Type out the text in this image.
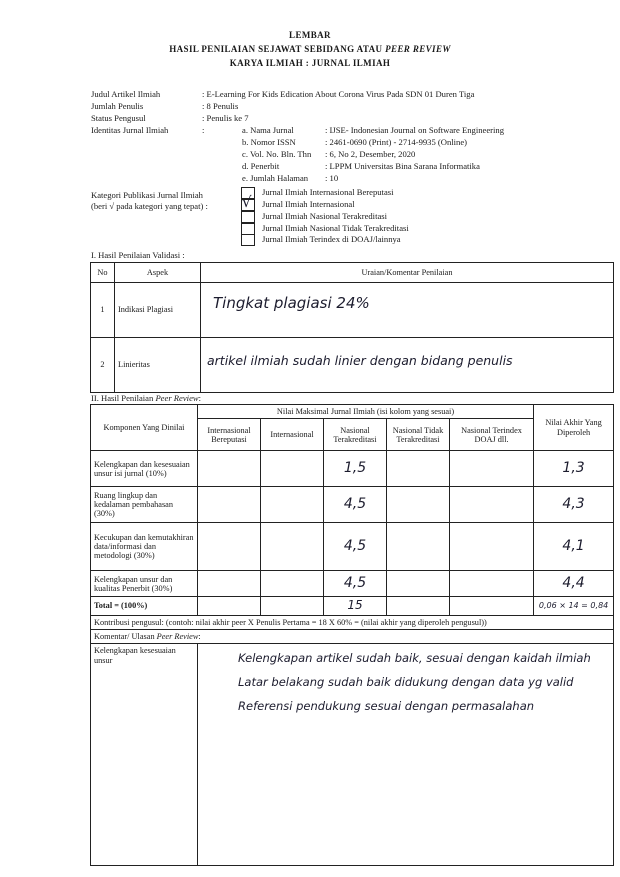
LEMBAR
HASIL PENILAIAN SEJAWAT SEBIDANG ATAU PEER REVIEW
KARYA ILMIAH : JURNAL ILMIAH
Judul Artikel Ilmiah	: E-Learning For Kids Edication About Corona Virus Pada SDN 01 Duren Tiga
Jumlah Penulis	: 8 Penulis
Status Pengusul	: Penulis ke 7
Identitas Jurnal Ilmiah	:	a. Nama Jurnal	: IJSE- Indonesian Journal on Software Engineering
b. Nomor ISSN	: 2461-0690 (Print) - 2714-9935 (Online)
c. Vol. No. Bln. Thn : 6, No 2, Desember, 2020
d. Penerbit	: LPPM Universitas Bina Sarana Informatika
e. Jumlah Halaman : 10
Kategori Publikasi Jurnal Ilmiah
(beri √ pada kategori yang tepat) :
Jurnal Ilmiah Internasional Bereputasi
√ Jurnal Ilmiah Internasional
Jurnal Ilmiah Nasional Terakreditasi
Jurnal Ilmiah Nasional Tidak Terakreditasi
Jurnal Ilmiah Terindex di DOAJ/lainnya
I. Hasil Penilaian Validasi :
No	Aspek	Uraian/Komentar Penilaian
1	Indikasi Plagiasi	Tingkat plagiasi 24%

2	Linieritas	artikel ilmiah sudah linier dengan bidang penulis
II. Hasil Penilaian Peer Review:
Komponen Yang Dinilai	Nilai Maksimal Jurnal Ilmiah (isi kolom yang sesuai)					Nilai Akhir Yang Diperoleh
	Internasional Bereputasi	Internasional	Nasional Terakreditasi	Nasional Tidak Terakreditasi	Nasional Terindex DOAJ dll.	
Kelengkapan dan kesesuaian unsur isi jurnal (10%)			1,5			1,3
Ruang lingkup dan kedalaman pembahasan (30%)			4,5			4,3
Kecukupan dan kemutakhiran data/informasi dan metodologi (30%)			4,5			4,1
Kelengkapan unsur dan kualitas Penerbit (30%)			4,5			4,4
Total = (100%)			15			0,06 × 14 = 0,84
Kontribusi pengusul: (contoh: nilai akhir peer X Penulis Pertama = 18 X 60% = (nilai akhir yang diperoleh pengusul))						
Komentar/ Ulasan Peer Review:						
Kelengkapan kesesuaian unsur	Kelengkapan artikel sudah baik, sesuai dengan kaidah ilmiah
Latar belakang sudah baik didukung dengan data yg valid
Referensi pendukung sesuai dengan permasalahan					
